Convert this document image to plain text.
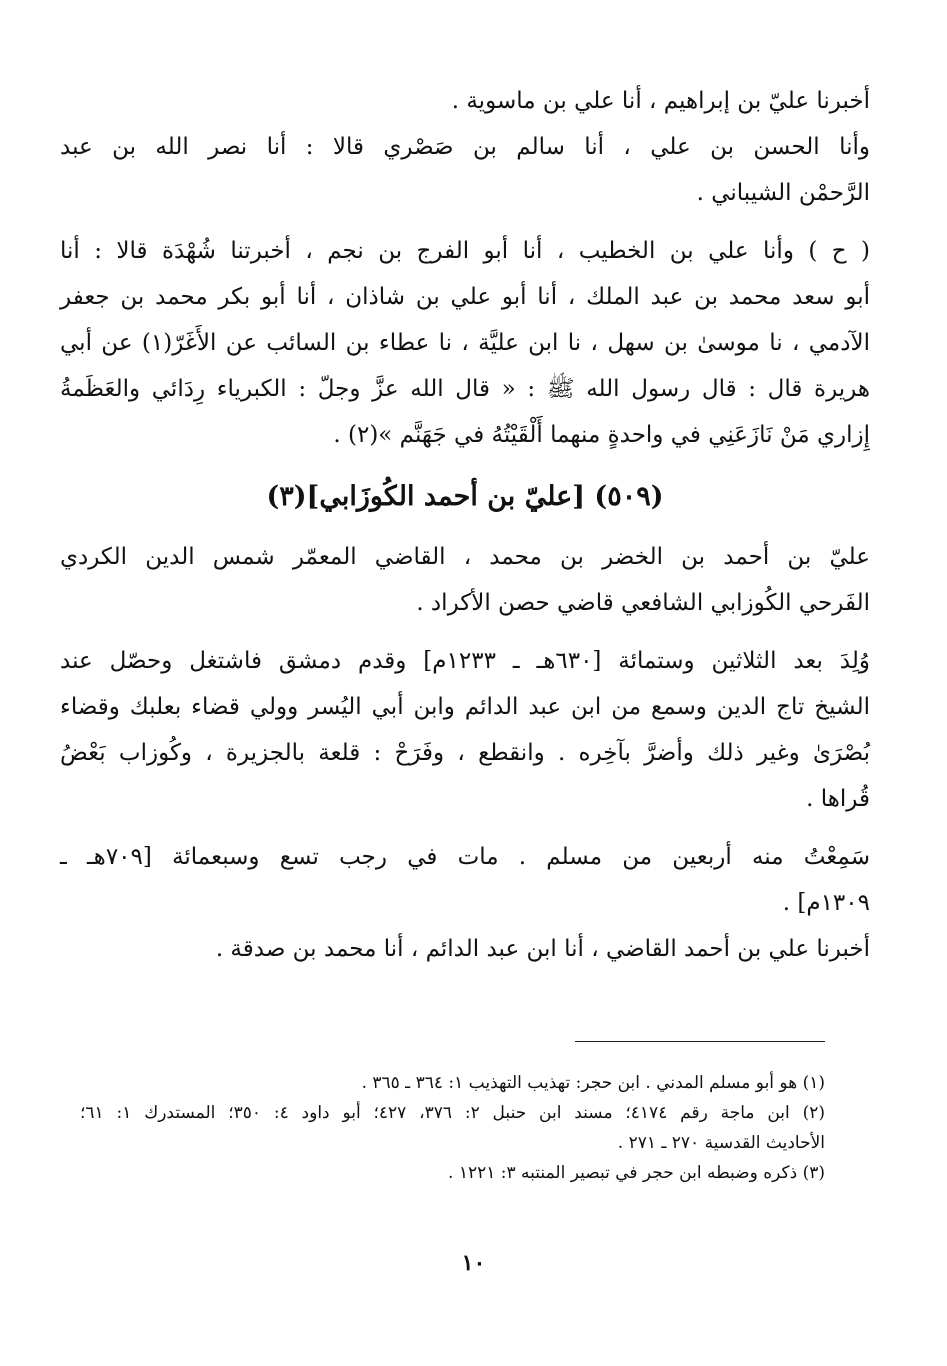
أخبرنا عليّ بن إبراهيم ، أنا علي بن ماسوية .
وأنا الحسن بن علي ، أنا سالم بن صَصْري قالا : أنا نصر الله بن عبد
الرَّحمْن الشيباني .
( ح ) وأنا علي بن الخطيب ، أنا أبو الفرج بن نجم ، أخبرتنا شُهْدَة قالا : أنا
أبو سعد محمد بن عبد الملك ، أنا أبو علي بن شاذان ، أنا أبو بكر محمد بن جعفر
الآدمي ، نا موسىٰ بن سهل ، نا ابن عليَّة ، نا عطاء بن السائب عن الأَغَرّ(١) عن أبي
هريرة قال : قال رسول الله ﷺ : « قال الله عزَّ وجلّ : الكبرياء رِدَائي والعَظَمةُ
إِزاري مَنْ نَازَعَنِي في واحدةٍ منهما أَلْقَيْتُهُ في جَهَنَّم »(٢) .
(٥٠٩) [عليّ بن أحمد الكُوزَابي](٣)
عليّ بن أحمد بن الخضر بن محمد ، القاضي المعمّر شمس الدين الكردي
الفَرحي الكُوزابي الشافعي قاضي حصن الأكراد .
وُلِدَ بعد الثلاثين وستمائة [٦٣٠هـ ـ ١٢٣٣م] وقدم دمشق فاشتغل وحصّل عند
الشيخ تاج الدين وسمع من ابن عبد الدائم وابن أبي اليُسر وولي قضاء بعلبك وقضاء
بُصْرَىٰ وغير ذلك وأضرَّ بآخِره . وانقطع ، وفَرَحْ : قلعة بالجزيرة ، وكُوزاب بَعْضُ
قُراها .
سَمِعْتُ منه أربعين من مسلم . مات في رجب تسع وسبعمائة [٧٠٩هـ ـ
١٣٠٩م] .
أخبرنا علي بن أحمد القاضي ، أنا ابن عبد الدائم ، أنا محمد بن صدقة .
(١) هو أبو مسلم المدني . ابن حجر: تهذيب التهذيب ١: ٣٦٤ ـ ٣٦٥ .
(٢) ابن ماجة رقم ٤١٧٤؛ مسند ابن حنبل ٢: ٣٧٦، ٤٢٧؛ أبو داود ٤: ٣٥٠؛ المستدرك ١: ٦١؛
الأحاديث القدسية ٢٧٠ ـ ٢٧١ .
(٣) ذكره وضبطه ابن حجر في تبصير المنتبه ٣: ١٢٢١ .
١٠
